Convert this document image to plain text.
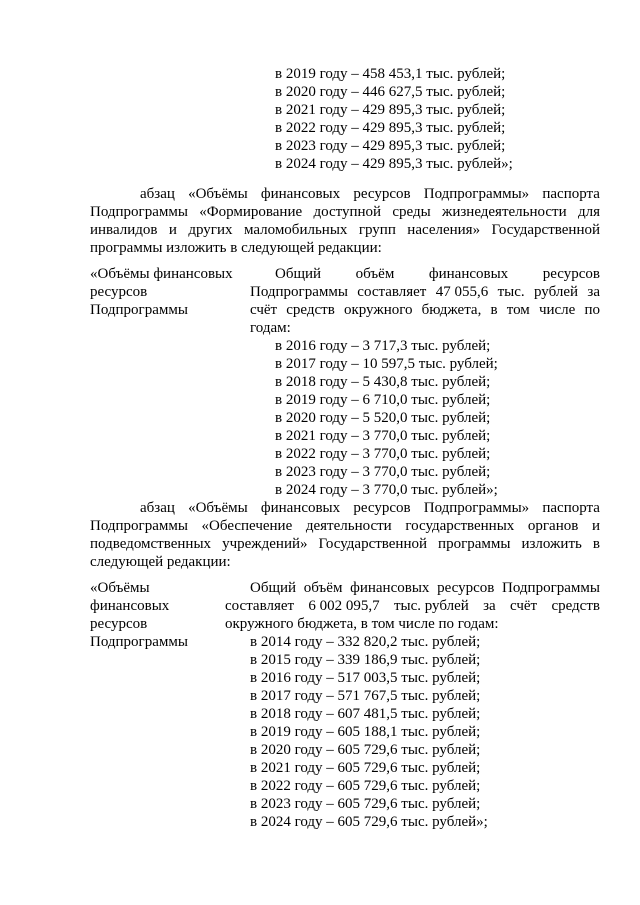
в 2019 году – 458 453,1 тыс. рублей;
в 2020 году – 446 627,5 тыс. рублей;
в 2021 году – 429 895,3 тыс. рублей;
в 2022 году – 429 895,3 тыс. рублей;
в 2023 году – 429 895,3 тыс. рублей;
в 2024 году – 429 895,3 тыс. рублей»;
абзац «Объёмы финансовых ресурсов Подпрограммы» паспорта
Подпрограммы «Формирование доступной среды жизнедеятельности для
инвалидов и других маломобильных групп населения» Государственной
программы изложить в следующей редакции:
«Объёмы финансовых
ресурсов
Подпрограммы
Общий объём финансовых ресурсов
Подпрограммы составляет 47 055,6 тыс. рублей за
счёт средств окружного бюджета, в том числе по
годам:
в 2016 году – 3 717,3 тыс. рублей;
в 2017 году – 10 597,5 тыс. рублей;
в 2018 году – 5 430,8 тыс. рублей;
в 2019 году – 6 710,0 тыс. рублей;
в 2020 году – 5 520,0 тыс. рублей;
в 2021 году – 3 770,0 тыс. рублей;
в 2022 году – 3 770,0 тыс. рублей;
в 2023 году – 3 770,0 тыс. рублей;
в 2024 году – 3 770,0 тыс. рублей»;
абзац «Объёмы финансовых ресурсов Подпрограммы» паспорта
Подпрограммы «Обеспечение деятельности государственных органов и
подведомственных учреждений» Государственной программы изложить в
следующей редакции:
«Объёмы
финансовых
ресурсов
Подпрограммы
Общий объём финансовых ресурсов Подпрограммы
составляет 6 002 095,7 тыс. рублей за счёт средств
окружного бюджета, в том числе по годам:
в 2014 году – 332 820,2 тыс. рублей;
в 2015 году – 339 186,9 тыс. рублей;
в 2016 году – 517 003,5 тыс. рублей;
в 2017 году – 571 767,5 тыс. рублей;
в 2018 году – 607 481,5 тыс. рублей;
в 2019 году – 605 188,1 тыс. рублей;
в 2020 году – 605 729,6 тыс. рублей;
в 2021 году – 605 729,6 тыс. рублей;
в 2022 году – 605 729,6 тыс. рублей;
в 2023 году – 605 729,6 тыс. рублей;
в 2024 году – 605 729,6 тыс. рублей»;
